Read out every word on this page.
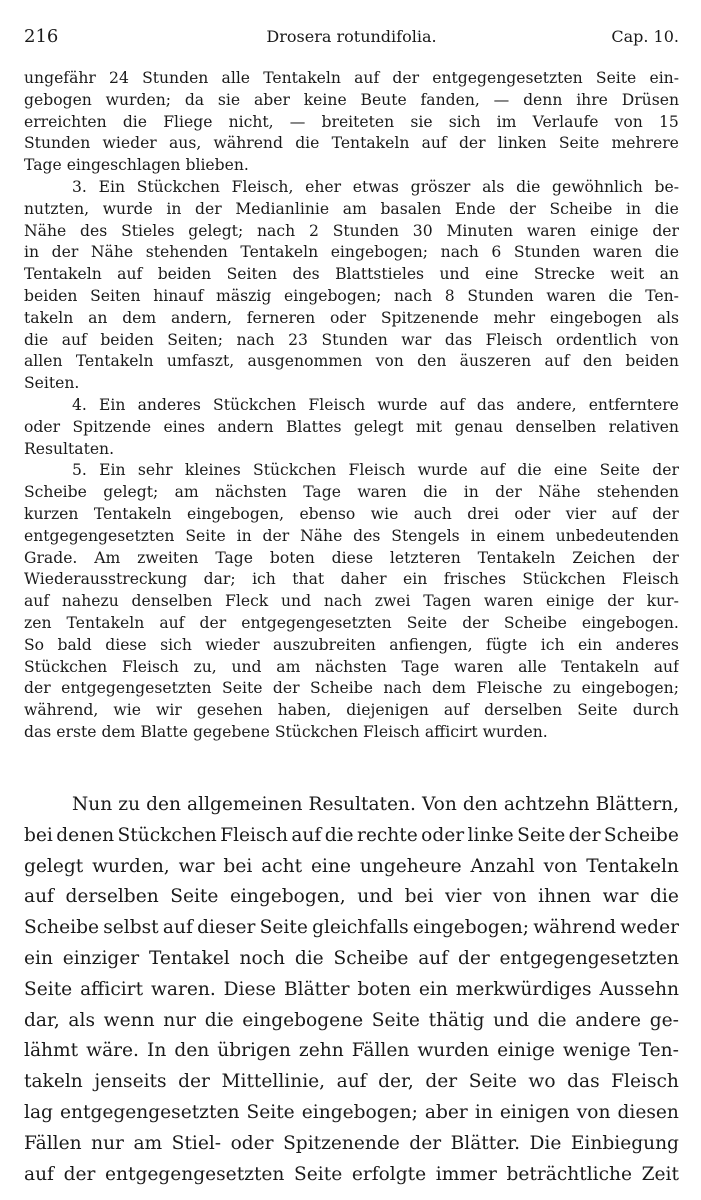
216	Drosera rotundifolia.	Cap. 10.
ungefähr 24 Stunden alle Tentakeln auf der entgegengesetzten Seite ein-
gebogen wurden; da sie aber keine Beute fanden, — denn ihre Drüsen
erreichten die Fliege nicht, — breiteten sie sich im Verlaufe von 15
Stunden wieder aus, während die Tentakeln auf der linken Seite mehrere
Tage eingeschlagen blieben.
3. Ein Stückchen Fleisch, eher etwas gröszer als die gewöhnlich be-
nutzten, wurde in der Medianlinie am basalen Ende der Scheibe in die
Nähe des Stieles gelegt; nach 2 Stunden 30 Minuten waren einige der
in der Nähe stehenden Tentakeln eingebogen; nach 6 Stunden waren die
Tentakeln auf beiden Seiten des Blattstieles und eine Strecke weit an
beiden Seiten hinauf mäszig eingebogen; nach 8 Stunden waren die Ten-
takeln an dem andern, ferneren oder Spitzenende mehr eingebogen als
die auf beiden Seiten; nach 23 Stunden war das Fleisch ordentlich von
allen Tentakeln umfaszt, ausgenommen von den äuszeren auf den beiden
Seiten.
4. Ein anderes Stückchen Fleisch wurde auf das andere, entferntere
oder Spitzende eines andern Blattes gelegt mit genau denselben relativen
Resultaten.
5. Ein sehr kleines Stückchen Fleisch wurde auf die eine Seite der
Scheibe gelegt; am nächsten Tage waren die in der Nähe stehenden
kurzen Tentakeln eingebogen, ebenso wie auch drei oder vier auf der
entgegengesetzten Seite in der Nähe des Stengels in einem unbedeutenden
Grade. Am zweiten Tage boten diese letzteren Tentakeln Zeichen der
Wiederausstreckung dar; ich that daher ein frisches Stückchen Fleisch
auf nahezu denselben Fleck und nach zwei Tagen waren einige der kur-
zen Tentakeln auf der entgegengesetzten Seite der Scheibe eingebogen.
So bald diese sich wieder auszubreiten anfiengen, fügte ich ein anderes
Stückchen Fleisch zu, und am nächsten Tage waren alle Tentakeln auf
der entgegengesetzten Seite der Scheibe nach dem Fleische zu eingebogen;
während, wie wir gesehen haben, diejenigen auf derselben Seite durch
das erste dem Blatte gegebene Stückchen Fleisch afficirt wurden.
Nun zu den allgemeinen Resultaten. Von den achtzehn Blättern,
bei denen Stückchen Fleisch auf die rechte oder linke Seite der Scheibe
gelegt wurden, war bei acht eine ungeheure Anzahl von Tentakeln
auf derselben Seite eingebogen, und bei vier von ihnen war die
Scheibe selbst auf dieser Seite gleichfalls eingebogen; während weder
ein einziger Tentakel noch die Scheibe auf der entgegengesetzten
Seite afficirt waren. Diese Blätter boten ein merkwürdiges Aussehn
dar, als wenn nur die eingebogene Seite thätig und die andere ge-
lähmt wäre. In den übrigen zehn Fällen wurden einige wenige Ten-
takeln jenseits der Mittellinie, auf der, der Seite wo das Fleisch
lag entgegengesetzten Seite eingebogen; aber in einigen von diesen
Fällen nur am Stiel- oder Spitzenende der Blätter. Die Einbiegung
auf der entgegengesetzten Seite erfolgte immer beträchtliche Zeit
